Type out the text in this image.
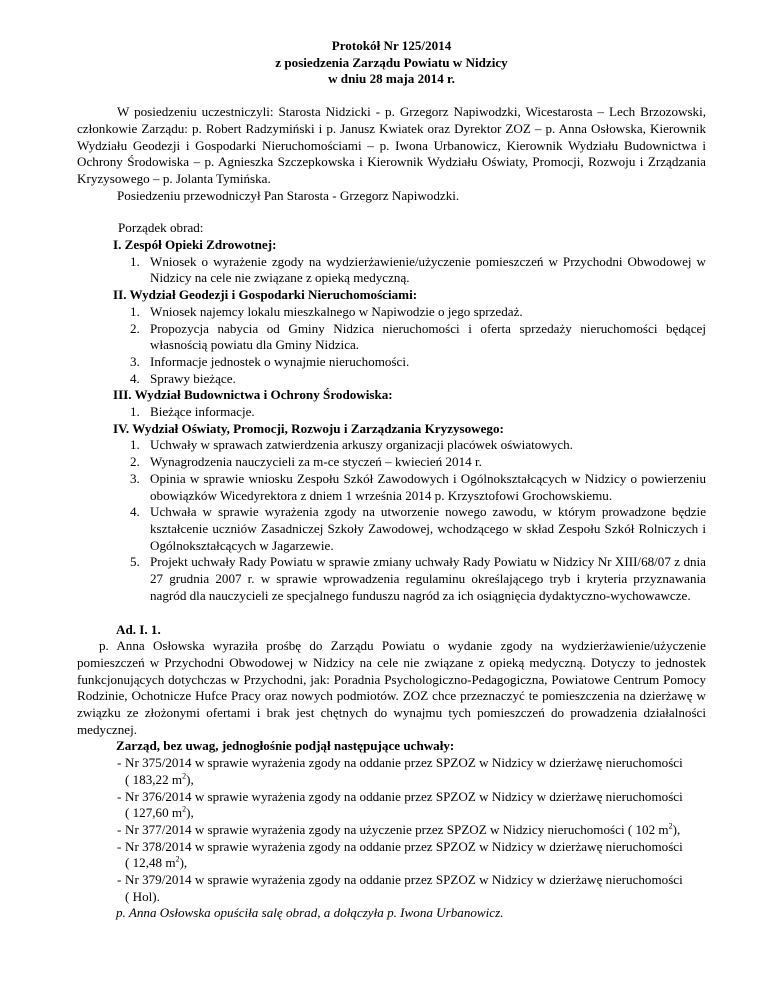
Protokół Nr 125/2014

z posiedzenia Zarządu Powiatu w Nidzicy

w dniu 28 maja 2014 r.

W posiedzeniu uczestniczyli: Starosta Nidzicki - p. Grzegorz Napiwodzki, Wicestarosta – Lech Brzozowski, członkowie Zarządu: p. Robert Radzymiński i p. Janusz Kwiatek oraz Dyrektor ZOZ – p. Anna Osłowska, Kierownik Wydziału Geodezji i Gospodarki Nieruchomościami – p. Iwona Urbanowicz, Kierownik Wydziału Budownictwa i Ochrony Środowiska – p. Agnieszka Szczepkowska i Kierownik Wydziału Oświaty, Promocji, Rozwoju i Zrządzania Kryzysowego – p. Jolanta Tymińska.

Posiedzeniu przewodniczył Pan Starosta - Grzegorz Napiwodzki.

Porządek obrad:

I. Zespół Opieki Zdrowotnej:

1. Wniosek o wyrażenie zgody na wydzierżawienie/użyczenie pomieszczeń w Przychodni Obwodowej w Nidzicy na cele nie związane z opieką medyczną.

II. Wydział Geodezji i Gospodarki Nieruchomościami:

1. Wniosek najemcy lokalu mieszkalnego w Napiwodzie o jego sprzedaż.
2. Propozycja nabycia od Gminy Nidzica nieruchomości i oferta sprzedaży nieruchomości będącej własnością powiatu dla Gminy Nidzica.
3. Informacje jednostek o wynajmie nieruchomości.
4. Sprawy bieżące.

III. Wydział Budownictwa i Ochrony Środowiska:

1. Bieżące informacje.

IV. Wydział Oświaty, Promocji, Rozwoju i Zarządzania Kryzysowego:

1. Uchwały w sprawach zatwierdzenia arkuszy organizacji placówek oświatowych.
2. Wynagrodzenia nauczycieli za m-ce styczeń – kwiecień 2014 r.
3. Opinia w sprawie wniosku Zespołu Szkół Zawodowych i Ogólnokształcących w Nidzicy o powierzeniu obowiązków Wicedyrektora z dniem 1 września 2014 p. Krzysztofowi Grochowskiemu.
4. Uchwała w sprawie wyrażenia zgody na utworzenie nowego zawodu, w którym prowadzone będzie kształcenie uczniów Zasadniczej Szkoły Zawodowej, wchodzącego w skład Zespołu Szkół Rolniczych i Ogólnokształcących w Jagarzewie.
5. Projekt uchwały Rady Powiatu w sprawie zmiany uchwały Rady Powiatu w Nidzicy Nr XIII/68/07 z dnia 27 grudnia 2007 r. w sprawie wprowadzenia regulaminu określającego tryb i kryteria przyznawania nagród dla nauczycieli ze specjalnego funduszu nagród za ich osiągnięcia dydaktyczno-wychowawcze.

Ad. I. 1.

p. Anna Osłowska wyraziła prośbę do Zarządu Powiatu o wydanie zgody na wydzierżawienie/użyczenie pomieszczeń w Przychodni Obwodowej w Nidzicy na cele nie związane z opieką medyczną. Dotyczy to jednostek funkcjonujących dotychczas w Przychodni, jak: Poradnia Psychologiczno-Pedagogiczna, Powiatowe Centrum Pomocy Rodzinie, Ochotnicze Hufce Pracy oraz nowych podmiotów. ZOZ chce przeznaczyć te pomieszczenia na dzierżawę w związku ze złożonymi ofertami i brak jest chętnych do wynajmu tych pomieszczeń do prowadzenia działalności medycznej.

Zarząd, bez uwag, jednogłośnie podjął następujące uchwały:

- Nr 375/2014 w sprawie wyrażenia zgody na oddanie przez SPZOZ w Nidzicy w dzierżawę nieruchomości
( 183,22 $m^2$),
- Nr 376/2014 w sprawie wyrażenia zgody na oddanie przez SPZOZ w Nidzicy w dzierżawę nieruchomości
( 127,60 $m^2$),
- Nr 377/2014 w sprawie wyrażenia zgody na użyczenie przez SPZOZ w Nidzicy nieruchomości ( 102 $m^2$),
- Nr 378/2014 w sprawie wyrażenia zgody na oddanie przez SPZOZ w Nidzicy w dzierżawę nieruchomości
( 12,48 $m^2$),
- Nr 379/2014 w sprawie wyrażenia zgody na oddanie przez SPZOZ w Nidzicy w dzierżawę nieruchomości
( Hol).

p. Anna Osłowska opuściła salę obrad, a dołączyła p. Iwona Urbanowicz.
